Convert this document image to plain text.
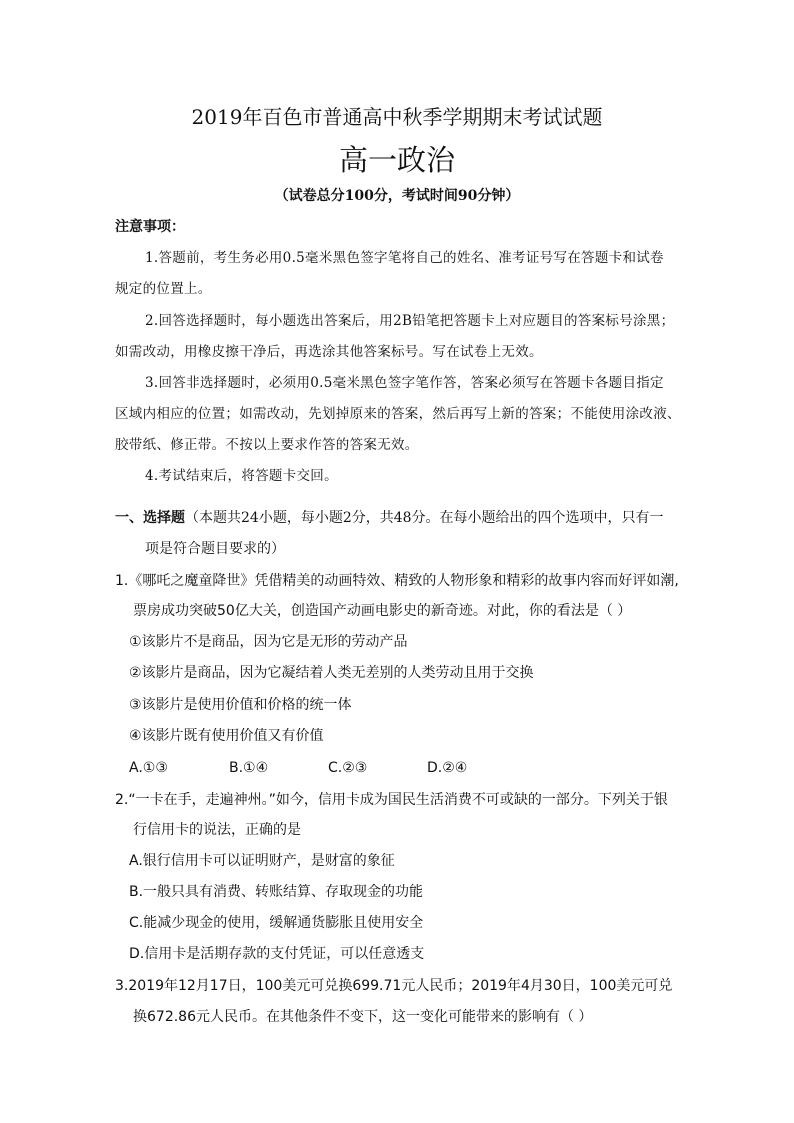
2019年百色市普通高中秋季学期期末考试试题
高一政治
（试卷总分100分，考试时间90分钟）
注意事项：
1.答题前，考生务必用0.5毫米黑色签字笔将自己的姓名、准考证号写在答题卡和试卷
规定的位置上。
2.回答选择题时，每小题选出答案后，用2B铅笔把答题卡上对应题目的答案标号涂黑；
如需改动，用橡皮擦干净后，再选涂其他答案标号。写在试卷上无效。
3.回答非选择题时，必须用0.5毫米黑色签字笔作答，答案必须写在答题卡各题目指定
区域内相应的位置；如需改动，先划掉原来的答案，然后再写上新的答案；不能使用涂改液、
胶带纸、修正带。不按以上要求作答的答案无效。
4.考试结束后，将答题卡交回。
一、选择题（本题共24小题，每小题2分，共48分。在每小题给出的四个选项中，只有一
项是符合题目要求的）
1.《哪吒之魔童降世》凭借精美的动画特效、精致的人物形象和精彩的故事内容而好评如潮,
票房成功突破50亿大关，创造国产动画电影史的新奇迹。对此，你的看法是（ ）
①该影片不是商品，因为它是无形的劳动产品
②该影片是商品，因为它凝结着人类无差别的人类劳动且用于交换
③该影片是使用价值和价格的统一体
④该影片既有使用价值又有价值
A.①③	B.①④	C.②③	D.②④
2.“一卡在手，走遍神州。”如今，信用卡成为国民生活消费不可或缺的一部分。下列关于银
行信用卡的说法，正确的是
A.银行信用卡可以证明财产，是财富的象征
B.一般只具有消费、转账结算、存取现金的功能
C.能减少现金的使用，缓解通货膨胀且使用安全
D.信用卡是活期存款的支付凭证，可以任意透支
3.2019年12月17日，100美元可兑换699.71元人民币；2019年4月30日，100美元可兑
换672.86元人民币。在其他条件不变下，这一变化可能带来的影响有（ ）
